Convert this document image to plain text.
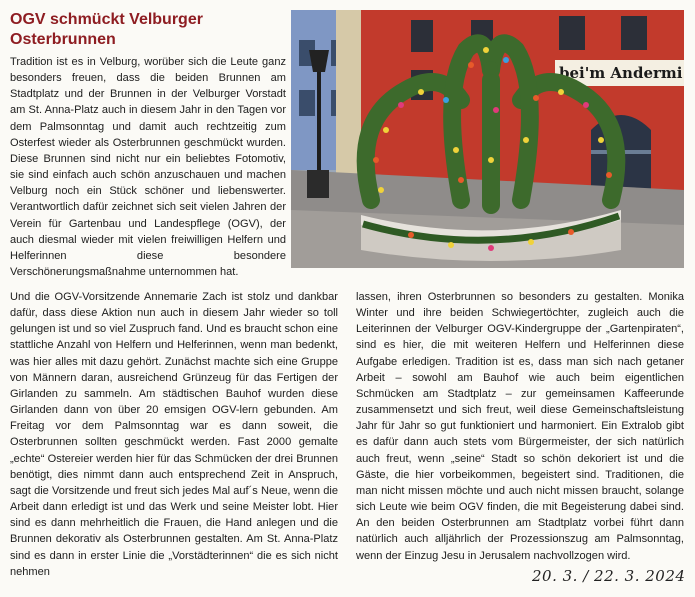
OGV schmückt Velburger Osterbrunnen
bei'm Andermi

Tradition ist es in Velburg, worüber sich die Leute ganz besonders freuen, dass die beiden Brunnen am Stadtplatz und der Brunnen in der Velburger Vorstadt am St. Anna-Platz auch in diesem Jahr in den Tagen vor dem Palmsonntag und damit auch rechtzeitig zum Osterfest wieder als Osterbrunnen geschmückt wurden. Diese Brunnen sind nicht nur ein beliebtes Fotomotiv, sie sind einfach auch schön anzuschauen und machen Velburg noch ein Stück schöner und liebenswerter. Verantwortlich dafür zeichnet sich seit vielen Jahren der Verein für Gartenbau und Landespflege (OGV), der auch diesmal wieder mit vielen freiwilligen Helfern und Helferinnen diese besondere Verschönerungsmaßnahme unternommen hat.

Und die OGV-Vorsitzende Annemarie Zach ist stolz und dankbar dafür, dass diese Aktion nun auch in diesem Jahr wieder so toll gelungen ist und so viel Zuspruch fand. Und es braucht schon eine stattliche Anzahl von Helfern und Helferinnen, wenn man bedenkt, was hier alles mit dazu gehört. Zunächst machte sich eine Gruppe von Männern daran, ausreichend Grünzeug für das Fertigen der Girlanden zu sammeln. Am städtischen Bauhof wurden diese Girlanden dann von über 20 emsigen OGV-lern gebunden. Am Freitag vor dem Palmsonntag war es dann soweit, die Osterbrunnen sollten geschmückt werden. Fast 2000 gemalte „echte“ Ostereier werden hier für das Schmücken der drei Brunnen benötigt, dies nimmt dann auch entsprechend Zeit in Anspruch, sagt die Vorsitzende und freut sich jedes Mal auf´s Neue, wenn die Arbeit dann erledigt ist und das Werk und seine Meister lobt. Hier sind es dann mehrheitlich die Frauen, die Hand anlegen und die Brunnen dekorativ als Osterbrunnen gestalten. Am St. Anna-Platz sind es dann in erster Linie die „Vorstädterinnen“ die es sich nicht nehmen

lassen, ihren Osterbrunnen so besonders zu gestalten. Monika Winter und ihre beiden Schwiegertöchter, zugleich auch die Leiterinnen der Velburger OGV-Kindergruppe der „Gartenpiraten“, sind es hier, die mit weiteren Helfern und Helferinnen diese Aufgabe erledigen. Tradition ist es, dass man sich nach getaner Arbeit – sowohl am Bauhof wie auch beim eigentlichen Schmücken am Stadtplatz – zur gemeinsamen Kaffeerunde zusammensetzt und sich freut, weil diese Gemeinschaftsleistung Jahr für Jahr so gut funktioniert und harmoniert. Ein Extralob gibt es dafür dann auch stets vom Bürgermeister, der sich natürlich auch freut, wenn „seine“ Stadt so schön dekoriert ist und die Gäste, die hier vorbeikommen, begeistert sind. Traditionen, die man nicht missen möchte und auch nicht missen braucht, solange sich Leute wie beim OGV finden, die mit Begeisterung dabei sind. An den beiden Osterbrunnen am Stadtplatz vorbei führt dann natürlich auch alljährlich der Prozessionszug am Palmsonntag, wenn der Einzug Jesu in Jerusalem nachvollzogen wird.

20. 3. / 22. 3. 2024
